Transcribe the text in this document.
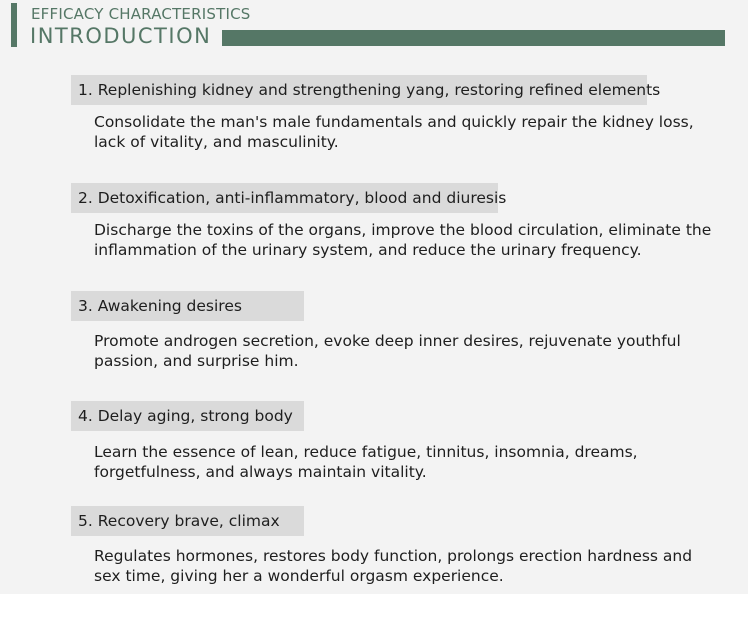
EFFICACY CHARACTERISTICS
INTRODUCTION
1. Replenishing kidney and strengthening yang, restoring refined elements
Consolidate the man's male fundamentals and quickly repair the kidney loss, lack of vitality, and masculinity.
2. Detoxification, anti-inflammatory, blood and diuresis
Discharge the toxins of the organs, improve the blood circulation, eliminate the inflammation of the urinary system, and reduce the urinary frequency.
3. Awakening desires
Promote androgen secretion, evoke deep inner desires, rejuvenate youthful passion, and surprise him.
4. Delay aging, strong body
Learn the essence of lean, reduce fatigue, tinnitus, insomnia, dreams, forgetfulness, and always maintain vitality.
5. Recovery brave, climax
Regulates hormones, restores body function, prolongs erection hardness and sex time, giving her a wonderful orgasm experience.
